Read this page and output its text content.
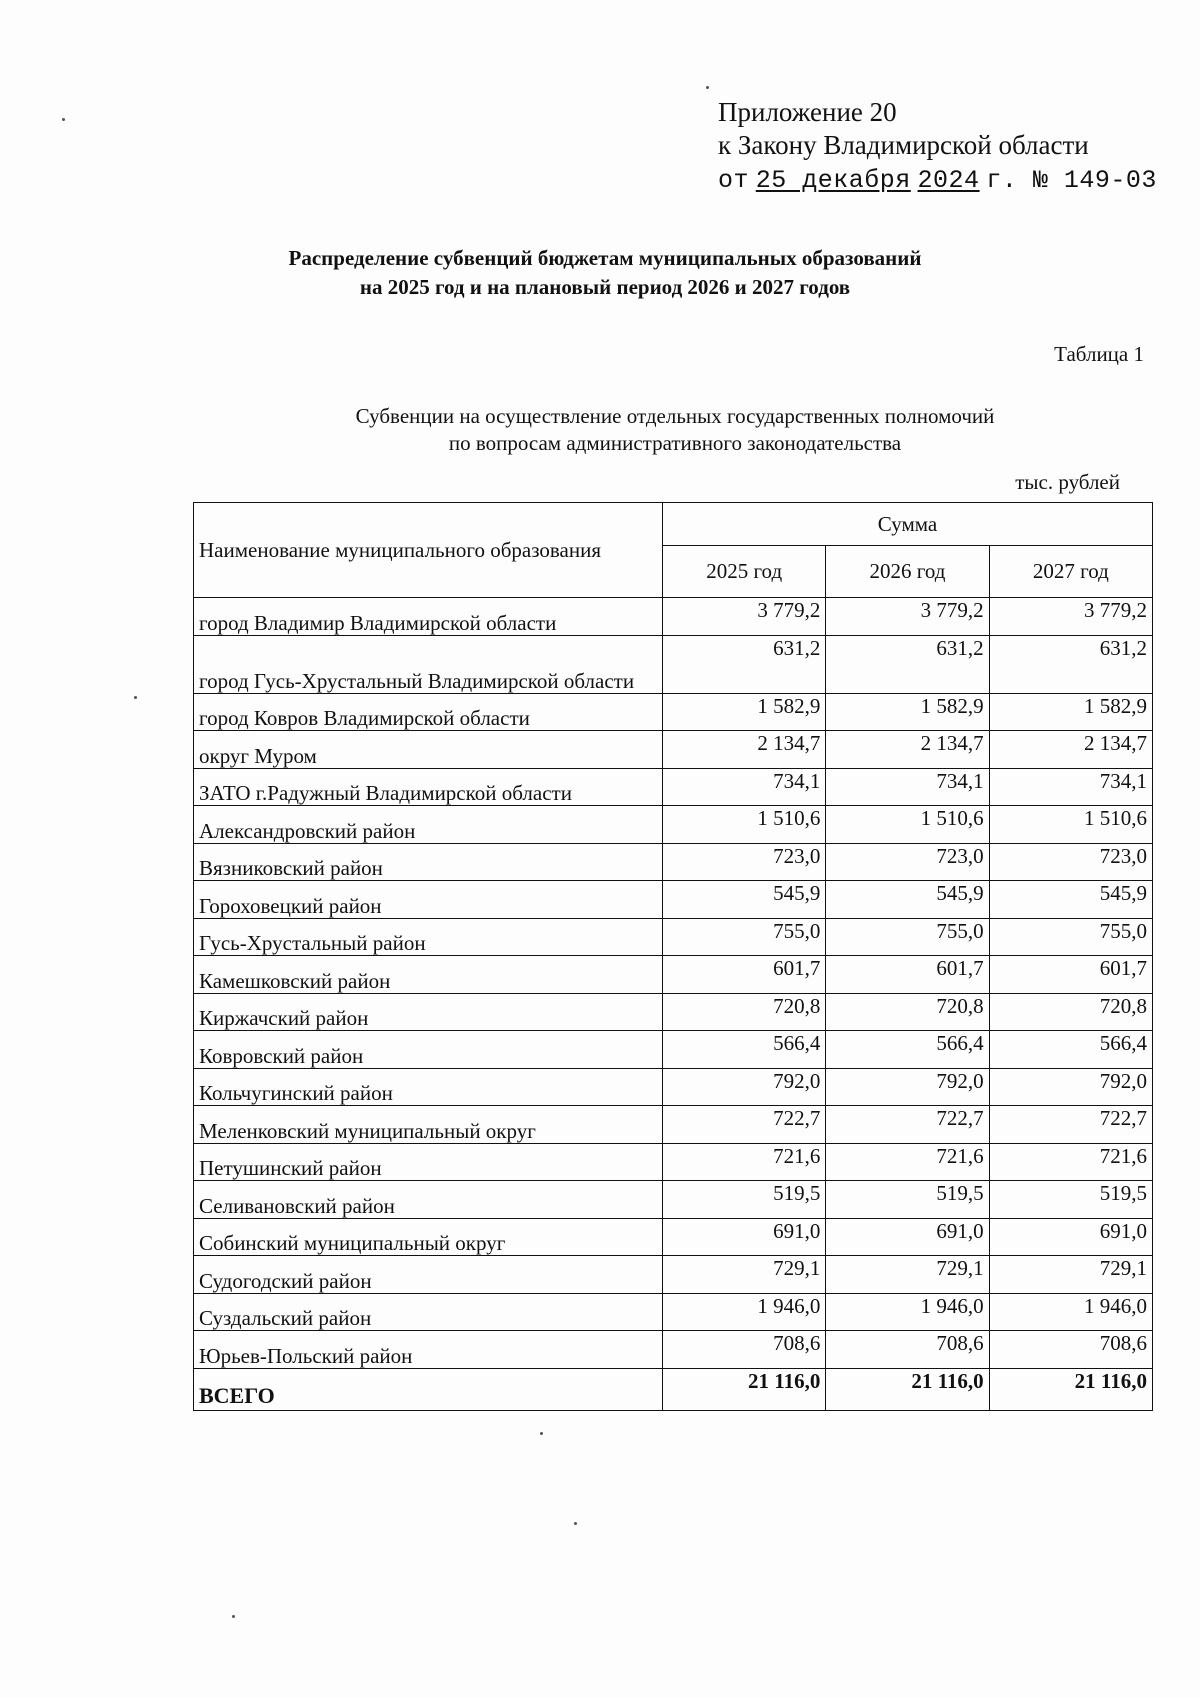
Приложение 20
к Закону Владимирской области
от 25 декабря 2024 г. № 149-03
Распределение субвенций бюджетам муниципальных образований
на 2025 год и на плановый период 2026 и 2027 годов
Таблица 1
Субвенции на осуществление отдельных государственных полномочий
по вопросам административного законодательства
тыс. рублей
Наименование муниципального образования	Сумма		
	2025 год	2026 год	2027 год
город Владимир Владимирской области	3 779,2	3 779,2	3 779,2
город Гусь-Хрустальный Владимирской области	631,2	631,2	631,2
город Ковров Владимирской области	1 582,9	1 582,9	1 582,9
округ Муром	2 134,7	2 134,7	2 134,7
ЗАТО г.Радужный Владимирской области	734,1	734,1	734,1
Александровский район	1 510,6	1 510,6	1 510,6
Вязниковский район	723,0	723,0	723,0
Гороховецкий район	545,9	545,9	545,9
Гусь-Хрустальный район	755,0	755,0	755,0
Камешковский район	601,7	601,7	601,7
Киржачский район	720,8	720,8	720,8
Ковровский район	566,4	566,4	566,4
Кольчугинский район	792,0	792,0	792,0
Меленковский муниципальный округ	722,7	722,7	722,7
Петушинский район	721,6	721,6	721,6
Селивановский район	519,5	519,5	519,5
Собинский муниципальный округ	691,0	691,0	691,0
Судогодский район	729,1	729,1	729,1
Суздальский район	1 946,0	1 946,0	1 946,0
Юрьев-Польский район	708,6	708,6	708,6
ВСЕГО	21 116,0	21 116,0	21 116,0
